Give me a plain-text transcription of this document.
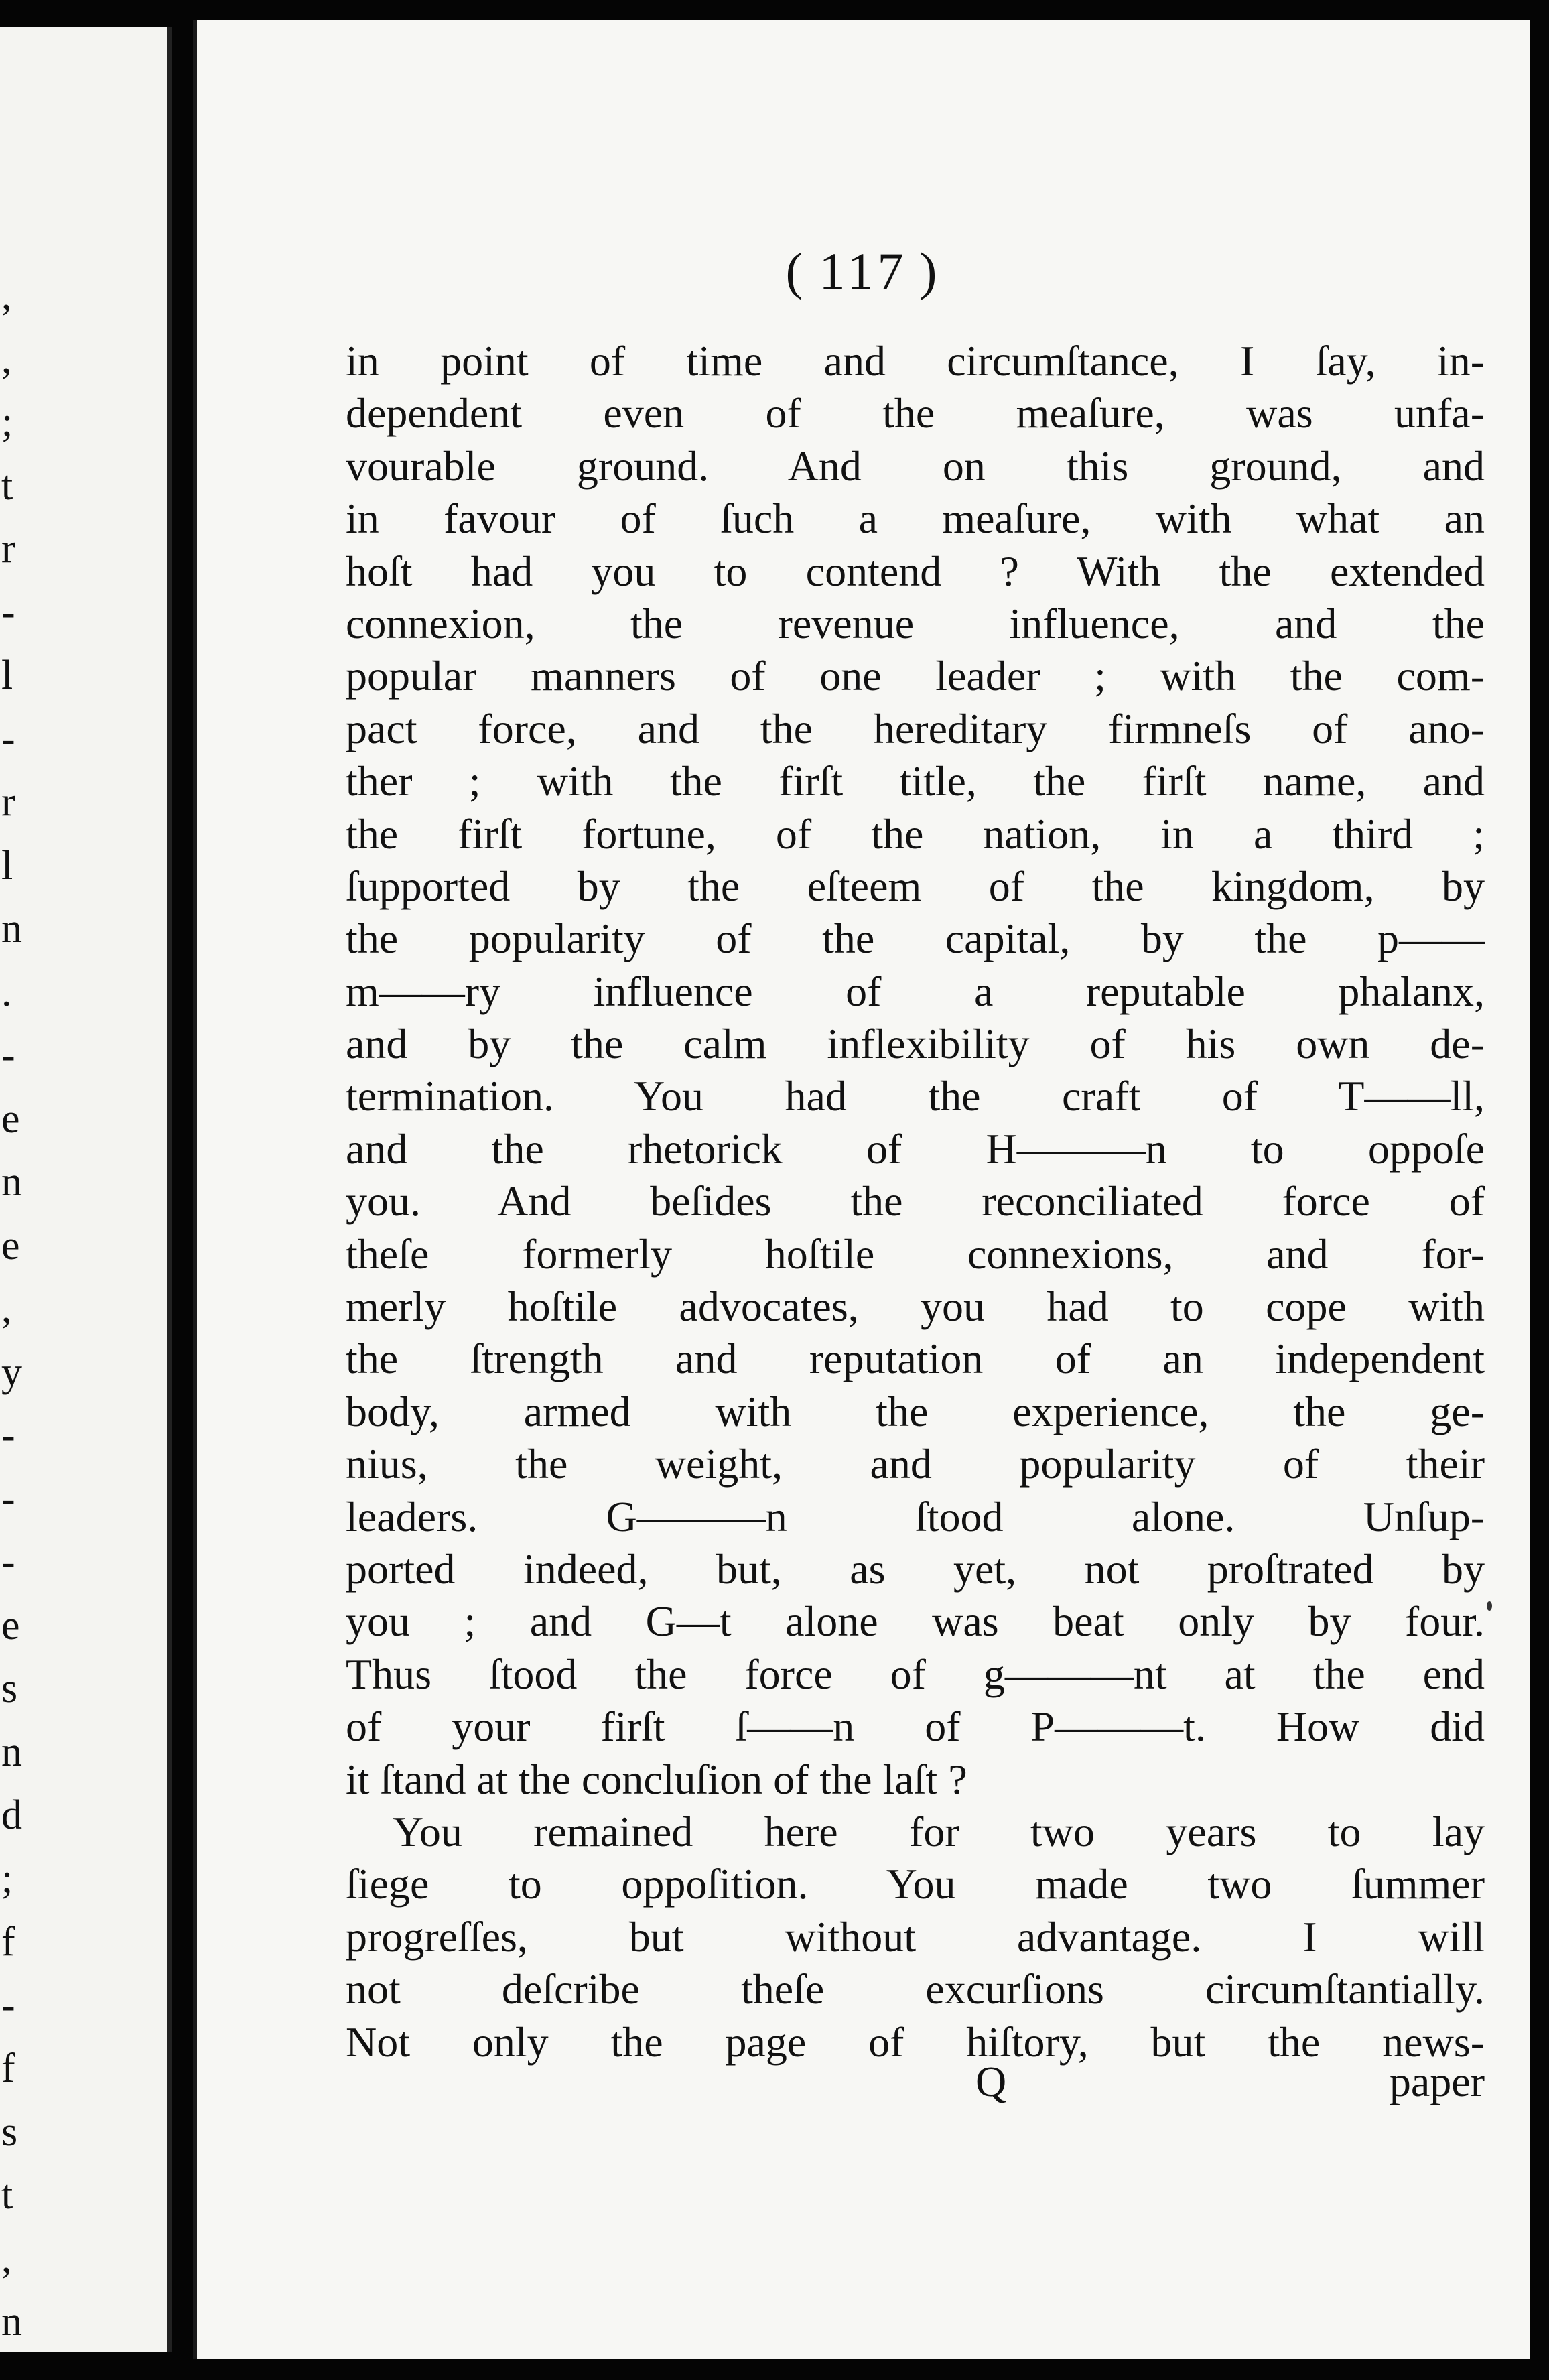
,
,
;
t
r
-
l
-
r
l
n
.
-
e
n
e
,
y
-
-
-
e
s
n
d
;
f
-
f
s
t
,
n
( 117 )
in point of time and circumſtance, I ſay, in-
dependent even of the meaſure, was unfa-
vourable ground. And on this ground, and
in favour of ſuch a meaſure, with what an
hoſt had you to contend ? With the extended
connexion, the revenue influence, and the
popular manners of one leader ; with the com-
pact force, and the hereditary firmneſs of ano-
ther ; with the firſt title, the firſt name, and
the firſt fortune, of the nation, in a third ;
ſupported by the eſteem of the kingdom, by
the popularity of the capital, by the p——
m——ry influence of a reputable phalanx,
and by the calm inflexibility of his own de-
termination. You had the craft of T——ll,
and the rhetorick of H———n to oppoſe
you. And beſides the reconciliated force of
theſe formerly hoſtile connexions, and for-
merly hoſtile advocates, you had to cope with
the ſtrength and reputation of an independent
body, armed with the experience, the ge-
nius, the weight, and popularity of their
leaders. G———n ſtood alone. Unſup-
ported indeed, but, as yet, not proſtrated by
you ; and G—t alone was beat only by four.
Thus ſtood the force of g———nt at the end
of your firſt ſ——n of P———t. How did
it ſtand at the concluſion of the laſt ?
You remained here for two years to lay
ſiege to oppoſition. You made two ſummer
progreſſes, but without advantage. I will
not deſcribe theſe excurſions circumſtantially.
Not only the page of hiſtory, but the news-
Q	paper
